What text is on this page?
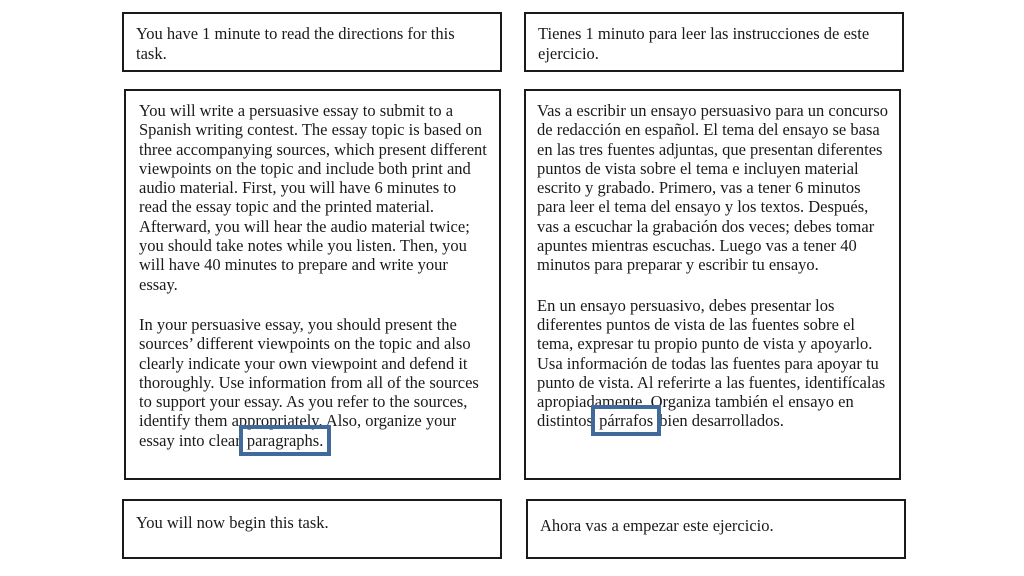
You have 1 minute to read the directions for this task.

Tienes 1 minuto para leer las instrucciones de este ejercicio.

You will write a persuasive essay to submit to a Spanish writing contest. The essay topic is based on three accompanying sources, which present different viewpoints on the topic and include both print and audio material. First, you will have 6 minutes to read the essay topic and the printed material. Afterward, you will hear the audio material twice; you should take notes while you listen. Then, you will have 40 minutes to prepare and write your essay.

In your persuasive essay, you should present the sources’ different viewpoints on the topic and also clearly indicate your own viewpoint and defend it thoroughly. Use information from all of the sources to support your essay. As you refer to the sources, identify them appropriately. Also, organize your essay into clear paragraphs.

Vas a escribir un ensayo persuasivo para un concurso de redacción en español. El tema del ensayo se basa en las tres fuentes adjuntas, que presentan diferentes puntos de vista sobre el tema e incluyen material escrito y grabado. Primero, vas a tener 6 minutos para leer el tema del ensayo y los textos. Después, vas a escuchar la grabación dos veces; debes tomar apuntes mientras escuchas. Luego vas a tener 40 minutos para preparar y escribir tu ensayo.

En un ensayo persuasivo, debes presentar los diferentes puntos de vista de las fuentes sobre el tema, expresar tu propio punto de vista y apoyarlo. Usa información de todas las fuentes para apoyar tu punto de vista. Al referirte a las fuentes, identifícalas apropiadamente. Organiza también el ensayo en distintos párrafos bien desarrollados.

You will now begin this task.	Ahora vas a empezar este ejercicio.
